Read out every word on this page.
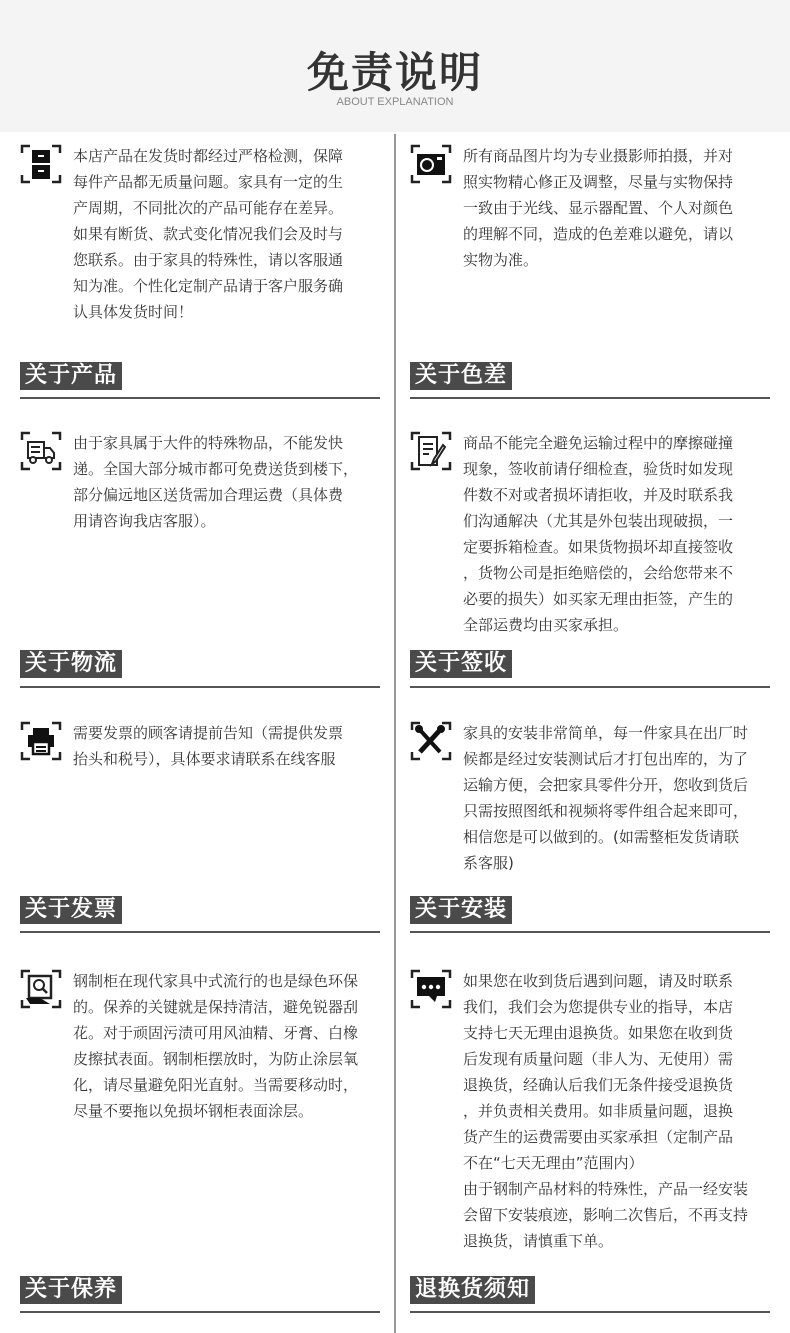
免责说明
ABOUT EXPLANATION
本店产品在发货时都经过严格检测，保障
每件产品都无质量问题。家具有一定的生
产周期，不同批次的产品可能存在差异。
如果有断货、款式变化情况我们会及时与
您联系。由于家具的特殊性，请以客服通
知为准。个性化定制产品请于客户服务确
认具体发货时间！
关于产品
所有商品图片均为专业摄影师拍摄，并对
照实物精心修正及调整，尽量与实物保持
一致由于光线、显示器配置、个人对颜色
的理解不同，造成的色差难以避免，请以
实物为准。
关于色差
由于家具属于大件的特殊物品，不能发快
递。全国大部分城市都可免费送货到楼下，
部分偏远地区送货需加合理运费（具体费
用请咨询我店客服）。
关于物流
商品不能完全避免运输过程中的摩擦碰撞
现象，签收前请仔细检查，验货时如发现
件数不对或者损坏请拒收，并及时联系我
们沟通解决（尤其是外包装出现破损，一
定要拆箱检查。如果货物损坏却直接签收
，货物公司是拒绝赔偿的，会给您带来不
必要的损失）如买家无理由拒签，产生的
全部运费均由买家承担。
关于签收
需要发票的顾客请提前告知（需提供发票
抬头和税号），具体要求请联系在线客服
关于发票
家具的安装非常简单，每一件家具在出厂时
候都是经过安装测试后才打包出库的，为了
运输方便，会把家具零件分开，您收到货后
只需按照图纸和视频将零件组合起来即可，
相信您是可以做到的。(如需整柜发货请联
系客服)
关于安装
钢制柜在现代家具中式流行的也是绿色环保
的。保养的关键就是保持清洁，避免锐器刮
花。对于顽固污渍可用风油精、牙膏、白橡
皮擦拭表面。钢制柜摆放时，为防止涂层氧
化，请尽量避免阳光直射。当需要移动时，
尽量不要拖以免损坏钢柜表面涂层。
关于保养
如果您在收到货后遇到问题，请及时联系
我们，我们会为您提供专业的指导，本店
支持七天无理由退换货。如果您在收到货
后发现有质量问题（非人为、无使用）需
退换货，经确认后我们无条件接受退换货
，并负责相关费用。如非质量问题，退换
货产生的运费需要由买家承担（定制产品
不在“七天无理由”范围内）
由于钢制产品材料的特殊性，产品一经安装
会留下安装痕迹，影响二次售后，不再支持
退换货，请慎重下单。
退换货须知
